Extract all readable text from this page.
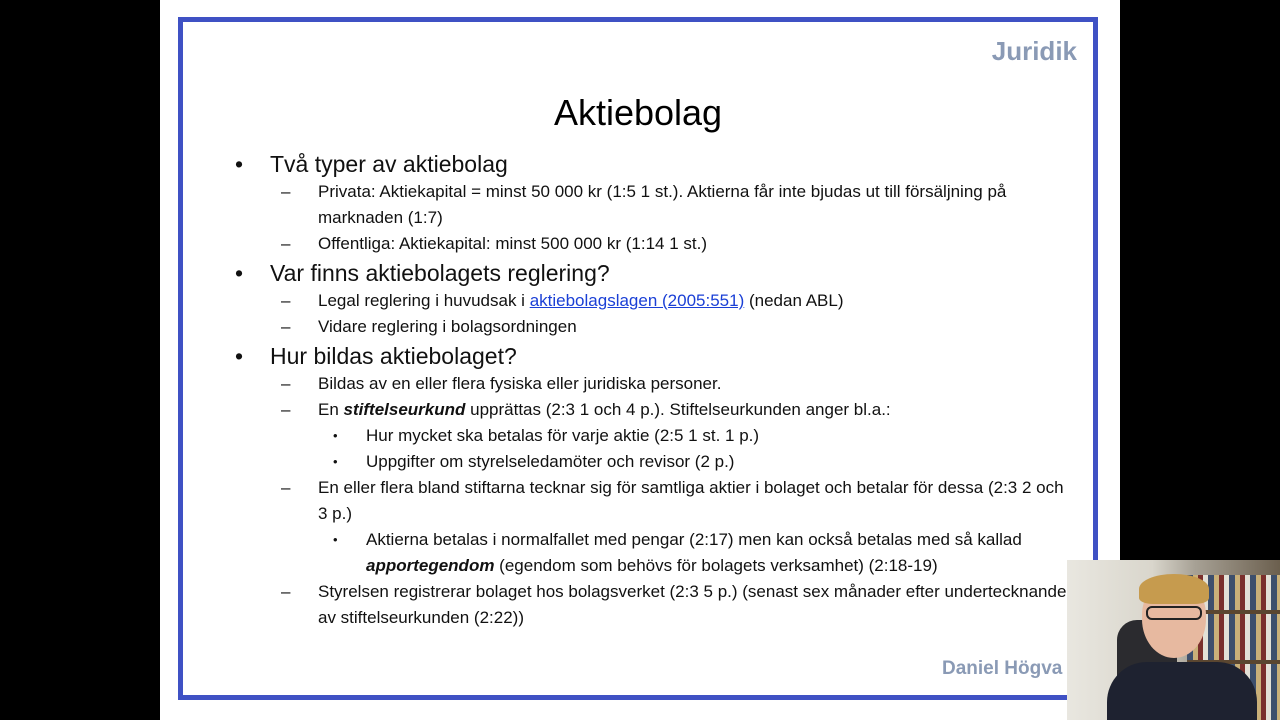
Juridik
Aktiebolag
• Två typer av aktiebolag
– Privata: Aktiekapital = minst 50 000 kr (1:5 1 st.). Aktierna får inte bjudas ut till försäljning på marknaden (1:7)
– Offentliga: Aktiekapital: minst 500 000 kr (1:14 1 st.)
• Var finns aktiebolagets reglering?
– Legal reglering i huvudsak i aktiebolagslagen (2005:551) (nedan ABL)
– Vidare reglering i bolagsordningen
• Hur bildas aktiebolaget?
– Bildas av en eller flera fysiska eller juridiska personer.
– En stiftelseurkund upprättas (2:3 1 och 4 p.). Stiftelseurkunden anger bl.a.:
• Hur mycket ska betalas för varje aktie (2:5 1 st. 1 p.)
• Uppgifter om styrelseledamöter och revisor (2 p.)
– En eller flera bland stiftarna tecknar sig för samtliga aktier i bolaget och betalar för dessa (2:3 2 och 3 p.)
• Aktierna betalas i normalfallet med pengar (2:17) men kan också betalas med så kallad apportegendom (egendom som behövs för bolagets verksamhet) (2:18-19)
– Styrelsen registrerar bolaget hos bolagsverket (2:3 5 p.) (senast sex månader efter undertecknande av stiftelseurkunden (2:22))
Daniel Högva
